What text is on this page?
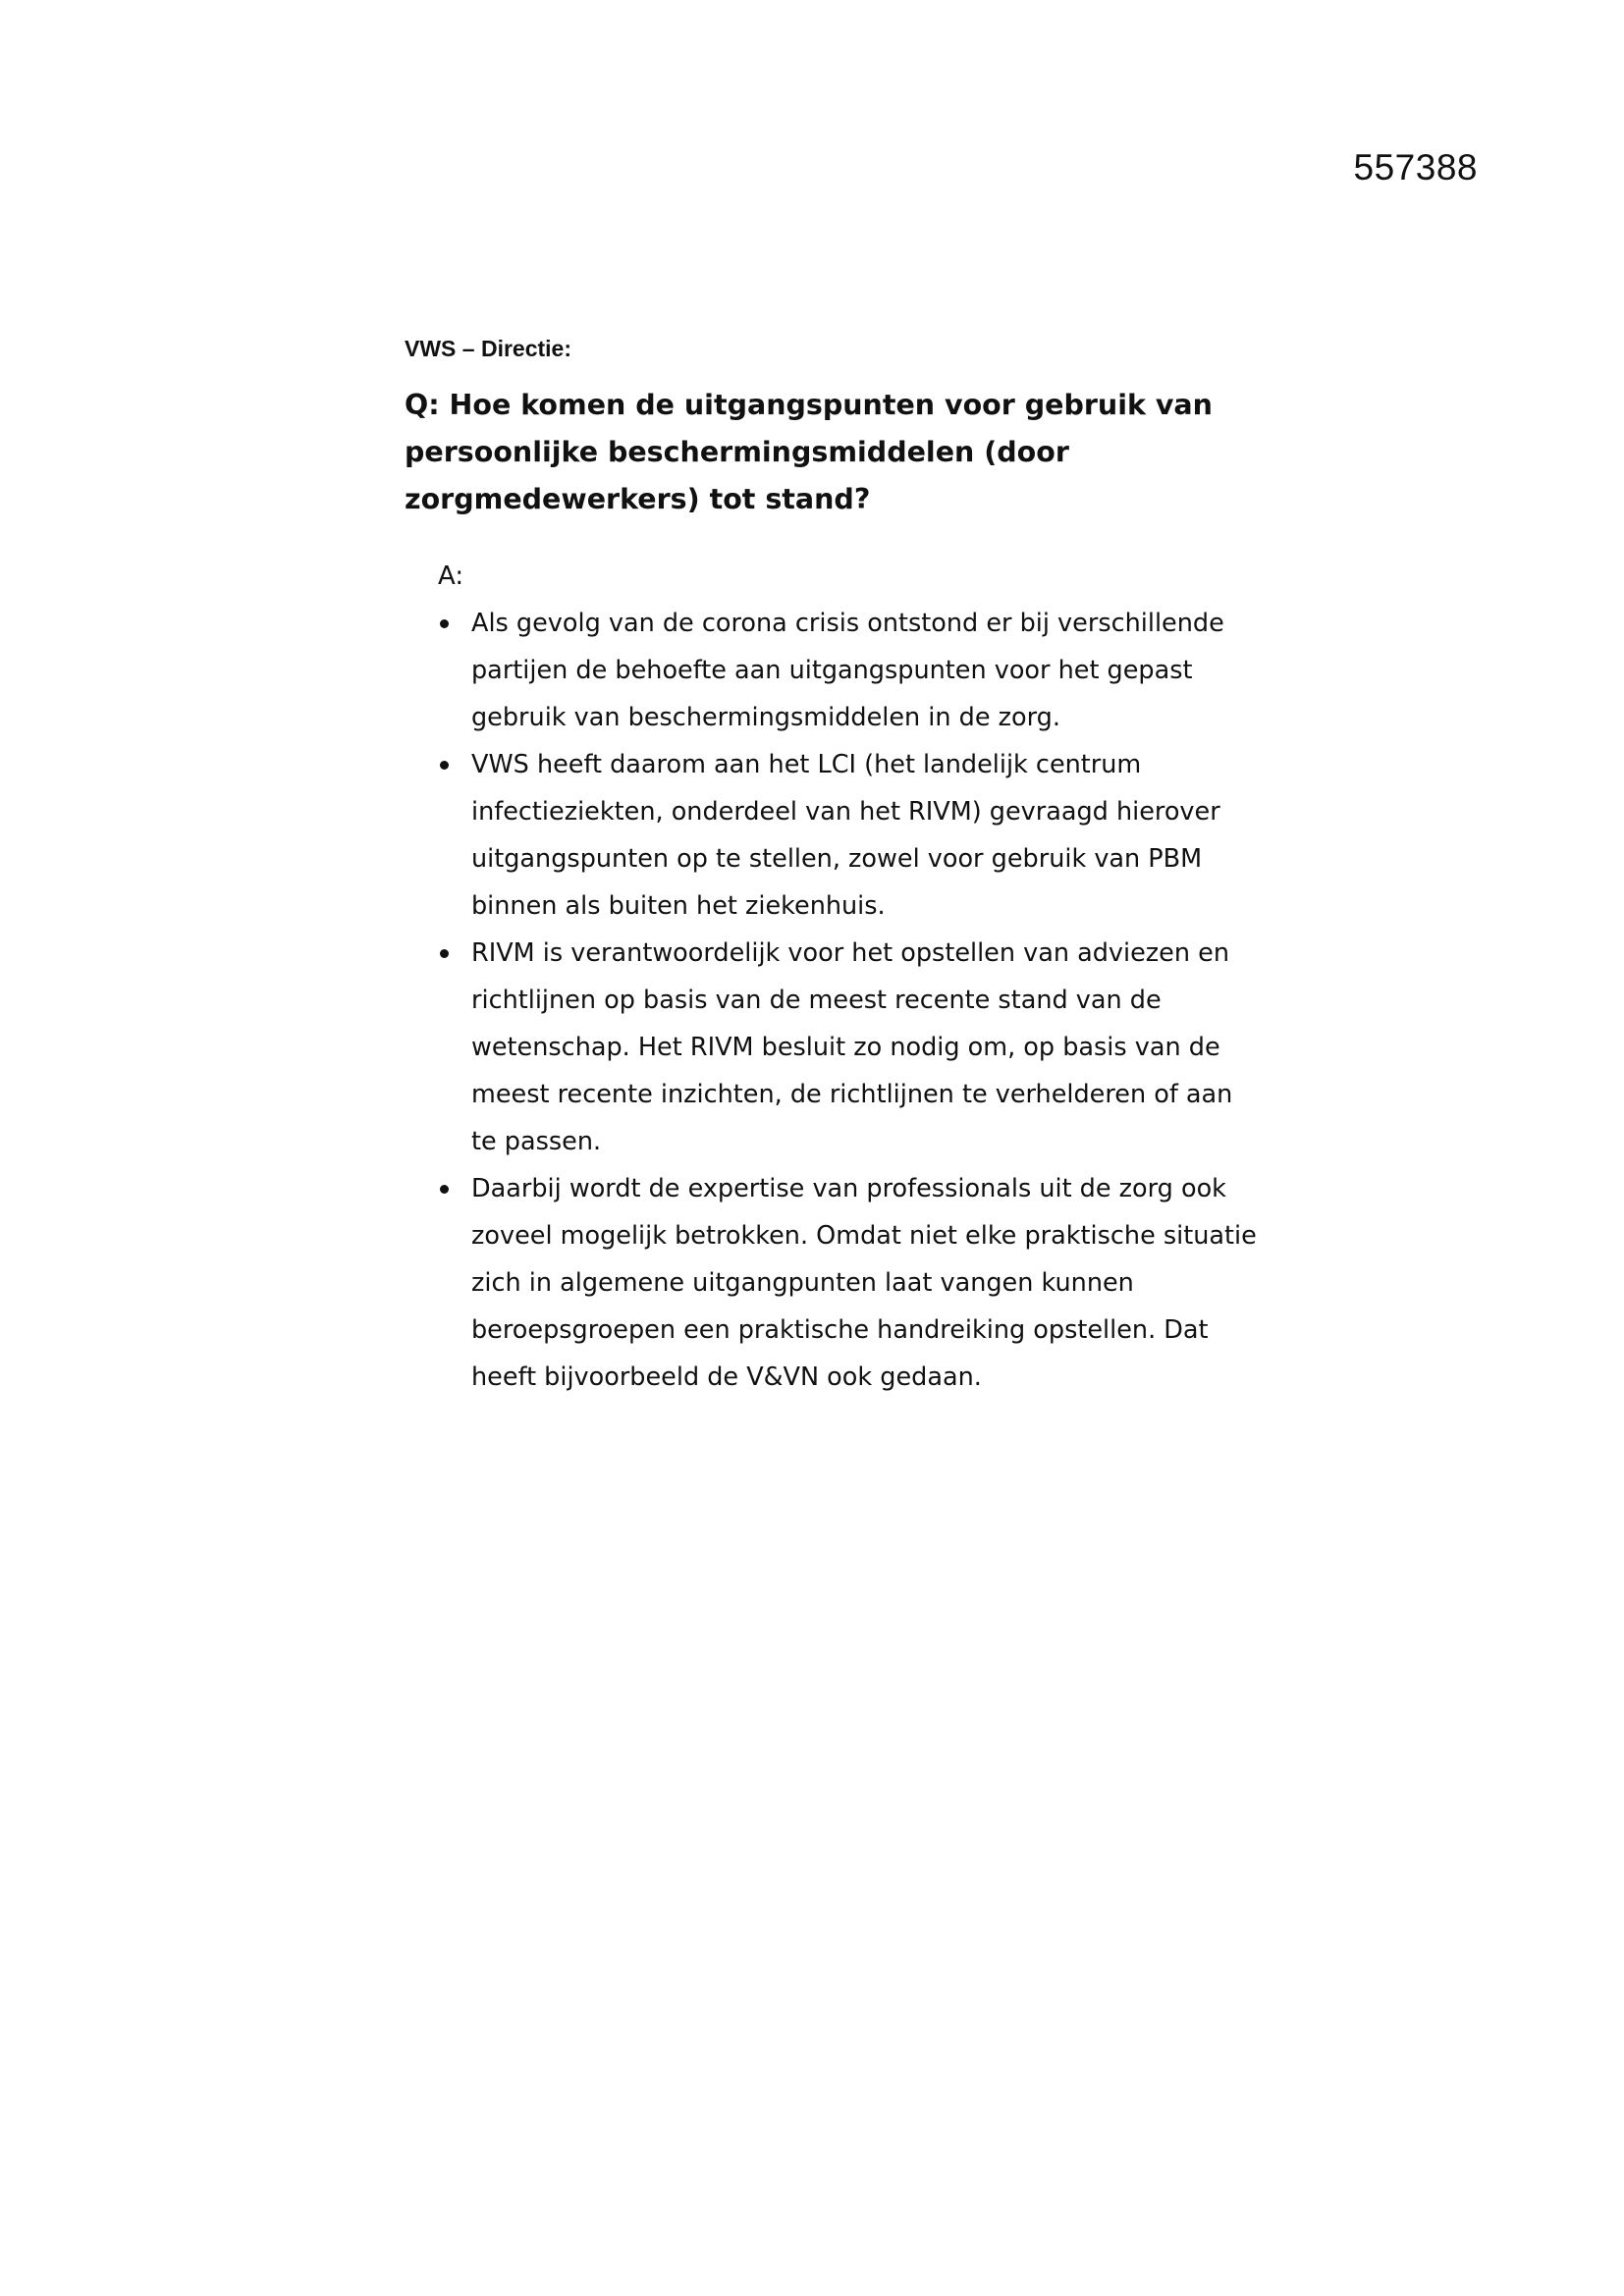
557388
VWS – Directie:

Q: Hoe komen de uitgangspunten voor gebruik van persoonlijke beschermingsmiddelen (door zorgmedewerkers) tot stand?

A:

Als gevolg van de corona crisis ontstond er bij verschillende partijen de behoefte aan uitgangspunten voor het gepast gebruik van beschermingsmiddelen in de zorg.
VWS heeft daarom aan het LCI (het landelijk centrum infectieziekten, onderdeel van het RIVM) gevraagd hierover uitgangspunten op te stellen, zowel voor gebruik van PBM binnen als buiten het ziekenhuis.
RIVM is verantwoordelijk voor het opstellen van adviezen en richtlijnen op basis van de meest recente stand van de wetenschap. Het RIVM besluit zo nodig om, op basis van de meest recente inzichten, de richtlijnen te verhelderen of aan te passen.
Daarbij wordt de expertise van professionals uit de zorg ook zoveel mogelijk betrokken. Omdat niet elke praktische situatie zich in algemene uitgangpunten laat vangen kunnen beroepsgroepen een praktische handreiking opstellen. Dat heeft bijvoorbeeld de V&VN ook gedaan.
